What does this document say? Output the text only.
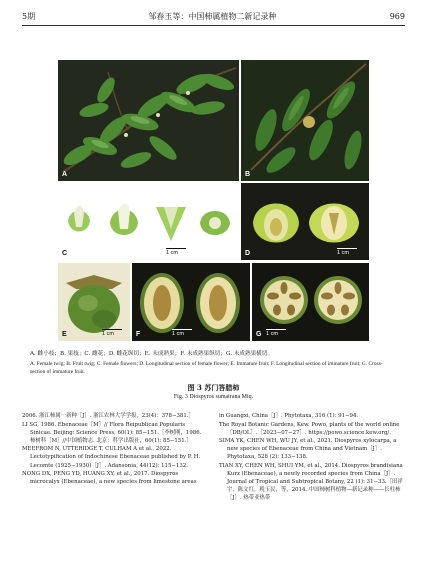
5期	邹春玉等：中国柿属植物二新记录种	969
A	B
C	1 cm	D	1 cm
E	1 cm	F	1 cm	G 1 cm
A. 雌小枝；B. 果枝；C. 雌花；D. 雌花纵切；E. 未成熟果；F. 未成熟果纵切；G. 未成熟果横切。
A. Female twig; B. Fruit twig; C. Female flowers; D. Longitudinal section of female flower; E. Immature fruit; F. Longitudinal section of immature fruit; G. Cross-section of immature fruit.
图 3 苏门答腊柿
Fig. 3 Diospyros sumatrana Miq.

2006. 浙江柿属一新种［J］. 浙江农林大学学报，23(4)：378−381.］

LI SG, 1986. Ebenaceae［M］// Flora Reipublicae Popularis Sinicae. Beijing: Science Press, 60(1): 85−151.［李树刚，1986. 柿树科［M］//中国植物志. 北京：科学出版社，60(1): 85−151.］

MEEFROM N, UTTERIDGE T, CULHAM A et al., 2022. Lectotypification of Indochinese Ebenaceae published by P. H. Lecomte (1925−1930)［J］. Adansonia, 44(12): 115−132.

NONG DX, PENG YD, HUANG XY, et al., 2017. Diospyros microcalyx (Ebenaceae), a new species from limestone areas

in Guangxi, China［J］. Phytotaxa, 316 (1): 91−94.

The Royal Botanic Gardens, Kew. Powo, plants of the world online［DB/OL］.［2023−07−27］. https://powo.science.kew.org/.

SIMA YK, CHEN WH, WU JY, et al., 2021. Diospyros xylocarpa, a new species of Ebenaceae from China and Vietnam［J］. Phytotaxa, 528 (2): 133−138.

TIAN XY, CHEN WH, SHUI YM, et al., 2014. Diospyros brandisiana Kurz (Ebenaceae), a newly recorded species from China［J］. Journal of Tropical and Subtropical Botany, 22 (1): 31−33.［田祥宇，陈文红，税玉民，等，2014. 中国柿树科植物—新记录种——长柱柿［J］. 热带亚热带
